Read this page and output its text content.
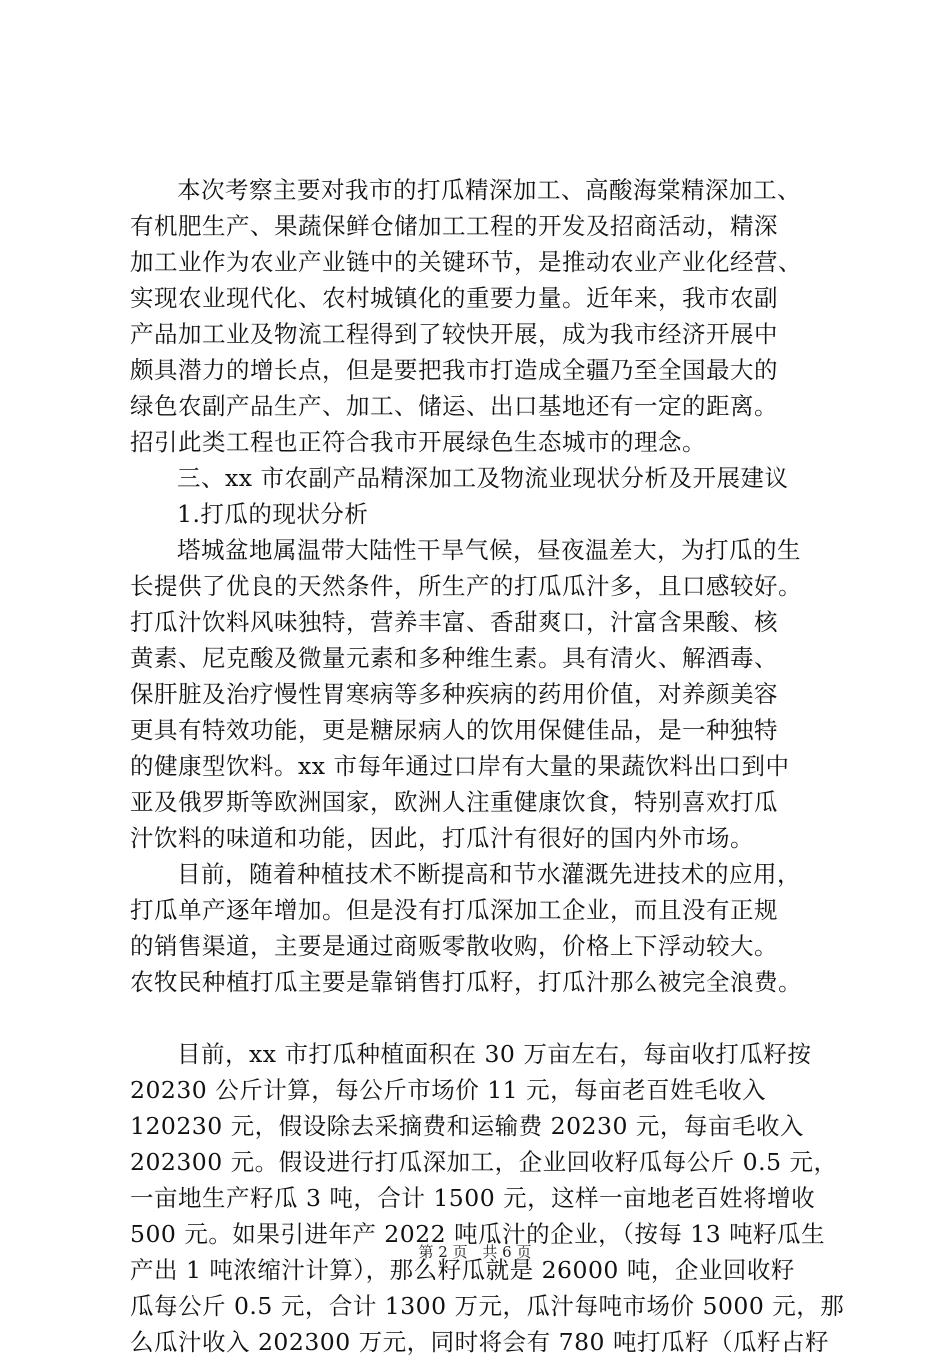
本次考察主要对我市的打瓜精深加工、高酸海棠精深加工、
有机肥生产、果蔬保鲜仓储加工工程的开发及招商活动，精深
加工业作为农业产业链中的关键环节，是推动农业产业化经营、
实现农业现代化、农村城镇化的重要力量。近年来，我市农副
产品加工业及物流工程得到了较快开展，成为我市经济开展中
颇具潜力的增长点，但是要把我市打造成全疆乃至全国最大的
绿色农副产品生产、加工、储运、出口基地还有一定的距离。
招引此类工程也正符合我市开展绿色生态城市的理念。
三、xx 市农副产品精深加工及物流业现状分析及开展建议
1.打瓜的现状分析
塔城盆地属温带大陆性干旱气候，昼夜温差大，为打瓜的生
长提供了优良的天然条件，所生产的打瓜瓜汁多，且口感较好。
打瓜汁饮料风味独特，营养丰富、香甜爽口，汁富含果酸、核
黄素、尼克酸及微量元素和多种维生素。具有清火、解酒毒、
保肝脏及治疗慢性胃寒病等多种疾病的药用价值，对养颜美容
更具有特效功能，更是糖尿病人的饮用保健佳品，是一种独特
的健康型饮料。xx 市每年通过口岸有大量的果蔬饮料出口到中
亚及俄罗斯等欧洲国家，欧洲人注重健康饮食，特别喜欢打瓜
汁饮料的味道和功能，因此，打瓜汁有很好的国内外市场。
目前，随着种植技术不断提高和节水灌溉先进技术的应用，
打瓜单产逐年增加。但是没有打瓜深加工企业，而且没有正规
的销售渠道，主要是通过商贩零散收购，价格上下浮动较大。
农牧民种植打瓜主要是靠销售打瓜籽，打瓜汁那么被完全浪费。
目前，xx 市打瓜种植面积在 30 万亩左右，每亩收打瓜籽按
20230 公斤计算，每公斤市场价 11 元，每亩老百姓毛收入
120230 元，假设除去采摘费和运输费 20230 元，每亩毛收入
202300 元。假设进行打瓜深加工，企业回收籽瓜每公斤 0.5 元，
一亩地生产籽瓜 3 吨，合计 1500 元，这样一亩地老百姓将增收
500 元。如果引进年产 2022 吨瓜汁的企业，（按每 13 吨籽瓜生
产出 1 吨浓缩汁计算），那么籽瓜就是 26000 吨，企业回收籽
瓜每公斤 0.5 元，合计 1300 万元，瓜汁每吨市场价 5000 元，那
么瓜汁收入 202300 万元，同时将会有 780 吨打瓜籽（瓜籽占籽
第 2 页 共 6 页
